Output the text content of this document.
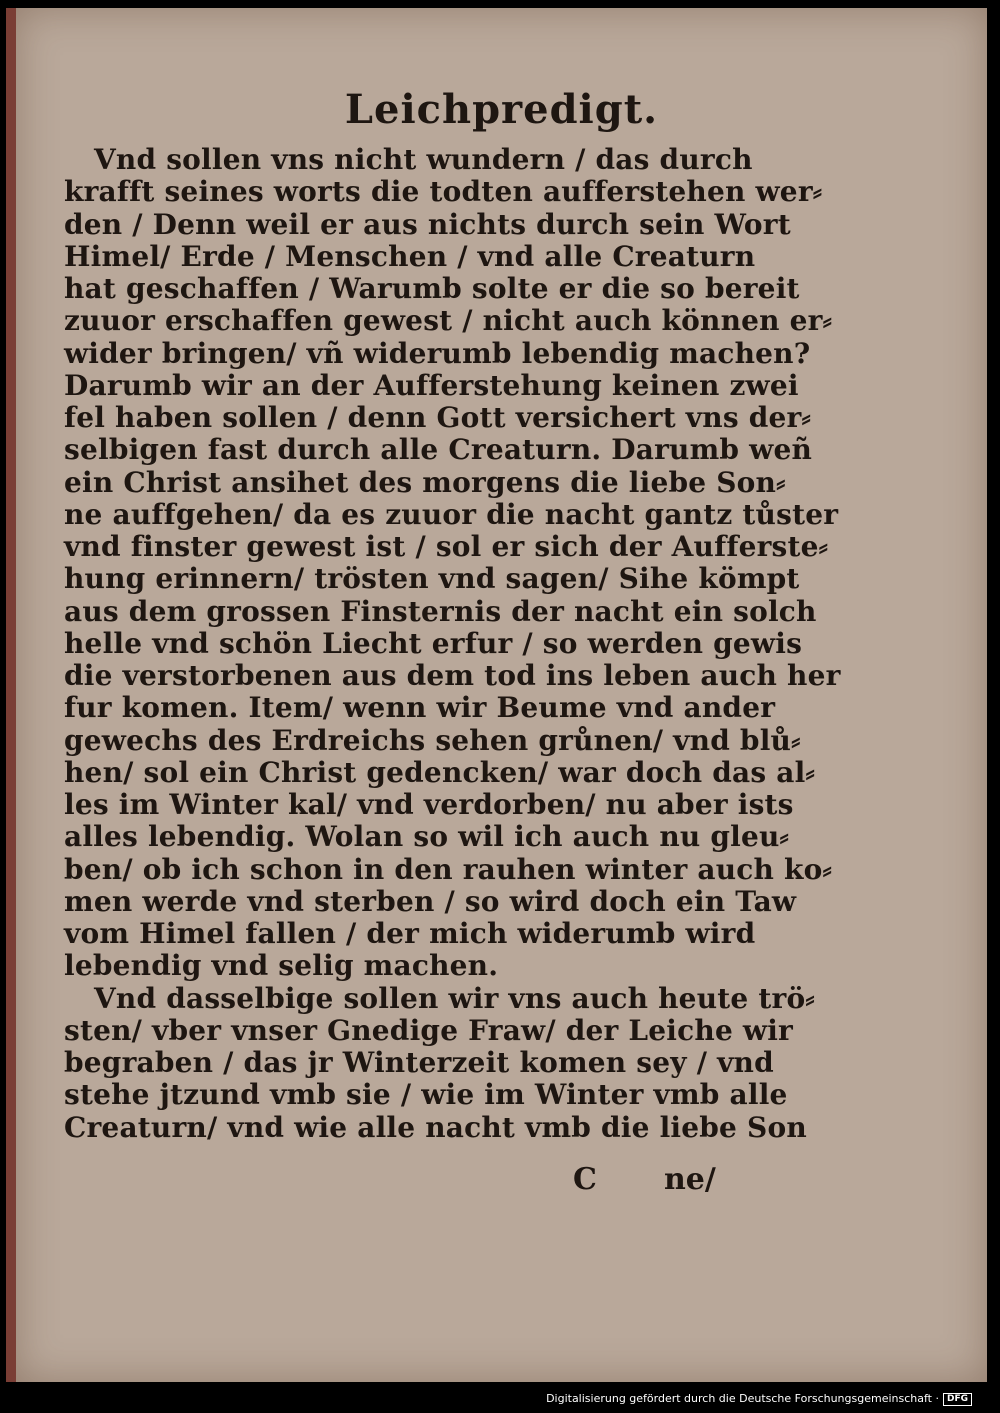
Leichpredigt.
Vnd sollen vns nicht wundern / das durch
krafft seines worts die todten aufferstehen wer⸗
den / Denn weil er aus nichts durch sein Wort
Himel/ Erde / Menschen / vnd alle Creaturn
hat geschaffen / Warumb solte er die so bereit
zuuor erschaffen gewest / nicht auch können er⸗
wider bringen/ vñ widerumb lebendig machen?
Darumb wir an der Aufferstehung keinen zwei
fel haben sollen / denn Gott versichert vns der⸗
selbigen fast durch alle Creaturn. Darumb weñ
ein Christ ansihet des morgens die liebe Son⸗
ne auffgehen/ da es zuuor die nacht gantz tůster
vnd finster gewest ist / sol er sich der Aufferste⸗
hung erinnern/ trösten vnd sagen/ Sihe kömpt
aus dem grossen Finsternis der nacht ein solch
helle vnd schön Liecht erfur / so werden gewis
die verstorbenen aus dem tod ins leben auch her
fur komen. Item/ wenn wir Beume vnd ander
gewechs des Erdreichs sehen grůnen/ vnd blů⸗
hen/ sol ein Christ gedencken/ war doch das al⸗
les im Winter kal/ vnd verdorben/ nu aber ists
alles lebendig. Wolan so wil ich auch nu gleu⸗
ben/ ob ich schon in den rauhen winter auch ko⸗
men werde vnd sterben / so wird doch ein Taw
vom Himel fallen / der mich widerumb wird
lebendig vnd selig machen.
Vnd dasselbige sollen wir vns auch heute trö⸗
sten/ vber vnser Gnedige Fraw/ der Leiche wir
begraben / das jr Winterzeit komen sey / vnd
stehe jtzund vmb sie / wie im Winter vmb alle
Creaturn/ vnd wie alle nacht vmb die liebe Son
C ne/
Digitalisierung gefördert durch die Deutsche Forschungsgemeinschaft · DFG
